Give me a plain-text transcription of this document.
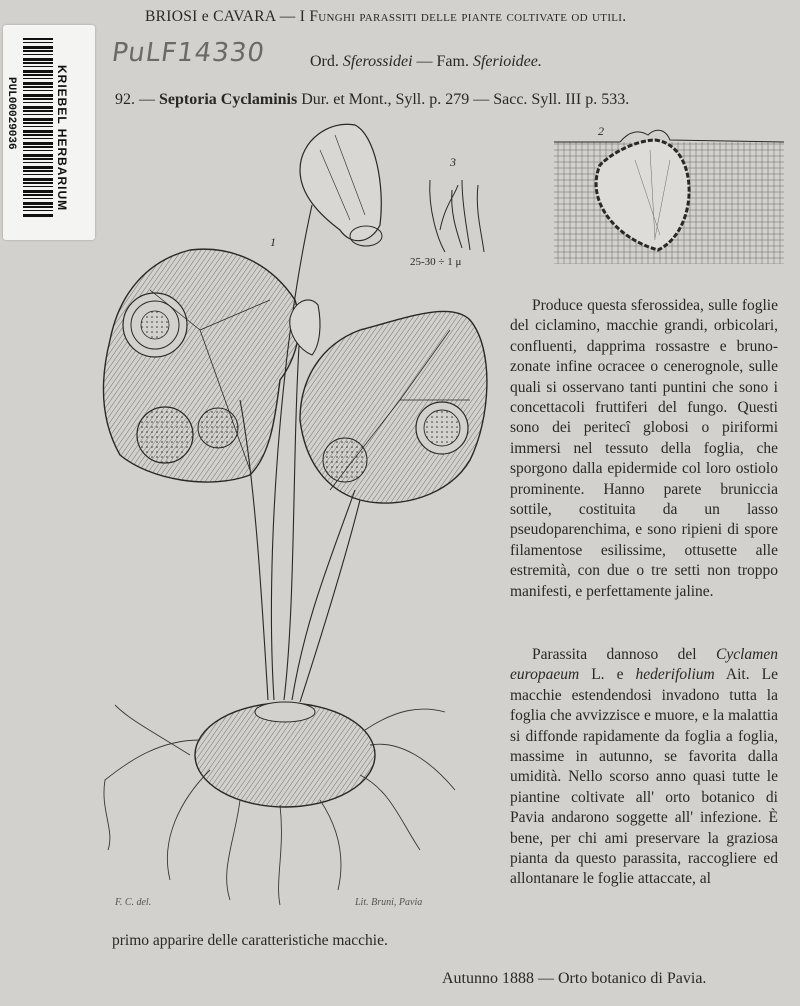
KRIEBEL HERBARIUM
PUL00029036
PuLF14330
BRIOSI e CAVARA — I Funghi parassiti delle piante coltivate od utili.
Ord. Sferossidei — Fam. Sferioidee.
92. — Septoria Cyclaminis Dur. et Mont., Syll. p. 279 — Sacc. Syll. III p. 533.
1
2
3
25-30 ÷ 1 μ
Produce questa sferossidea, sulle foglie del ciclamino, macchie grandi, orbicolari, confluenti, dapprima rossastre e bruno-zonate infine ocracee o cenerognole, sulle quali si osservano tanti puntini che sono i concettacoli fruttiferi del fungo. Questi sono dei peritecî globosi o piriformi immersi nel tessuto della foglia, che sporgono dalla epidermide col loro ostiolo prominente. Hanno parete bruniccia sottile, costituita da un lasso pseudoparenchima, e sono ripieni di spore filamentose esilissime, ottusette alle estremità, con due o tre setti non troppo manifesti, e perfettamente jaline.
Parassita dannoso del Cyclamen europaeum L. e hederifolium Ait. Le macchie estendendosi invadono tutta la foglia che avvizzisce e muore, e la malattia si diffonde rapidamente da foglia a foglia, massime in autunno, se favorita dalla umidità. Nello scorso anno quasi tutte le piantine coltivate all' orto botanico di Pavia andarono soggette all' infezione. È bene, per chi ami preservare la graziosa pianta da questo parassita, raccogliere ed allontanare le foglie attaccate, al
F. C. del.	Lit. Bruni, Pavia
primo apparire delle caratteristiche macchie.
Autunno 1888 — Orto botanico di Pavia.
